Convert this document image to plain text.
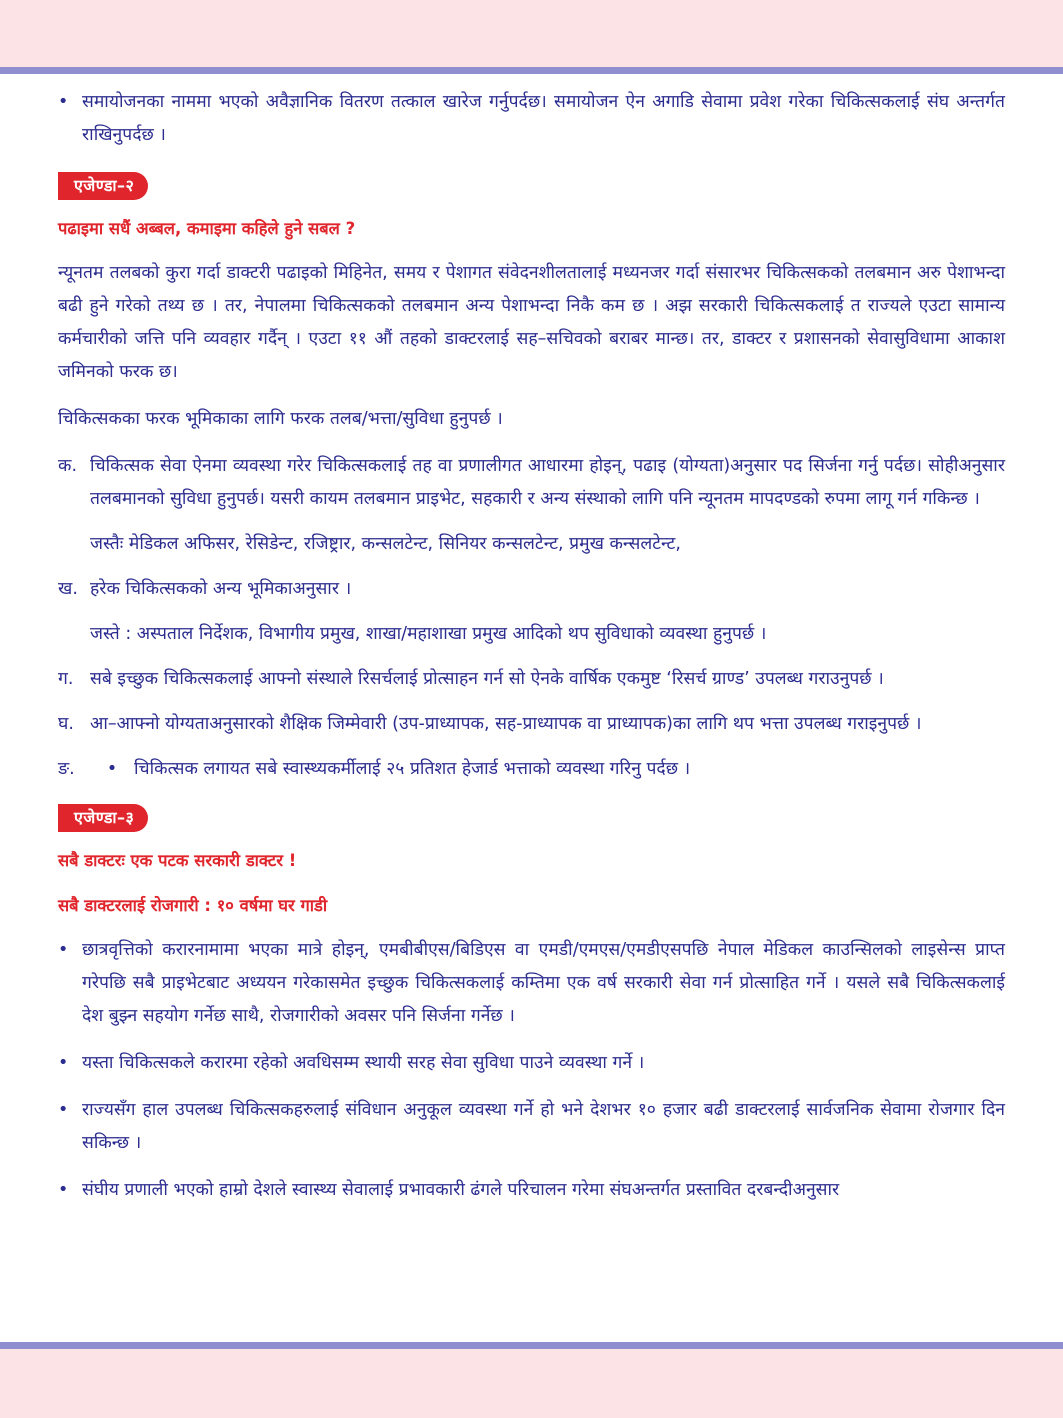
• समायोजनका नाममा भएको अवैज्ञानिक वितरण तत्काल खारेज गर्नुपर्दछ। समायोजन ऐन अगाडि सेवामा प्रवेश गरेका चिकित्सकलाई संघ अन्तर्गत राखिनुपर्दछ ।
एजेण्डा–२
पढाइमा सधैं अब्बल, कमाइमा कहिले हुने सबल ?

न्यूनतम तलबको कुरा गर्दा डाक्टरी पढाइको मिहिनेत, समय र पेशागत संवेदनशीलतालाई मध्यनजर गर्दा संसारभर चिकित्सकको तलबमान अरु पेशाभन्दा बढी हुने गरेको तथ्य छ । तर, नेपालमा चिकित्सकको तलबमान अन्य पेशाभन्दा निकै कम छ । अझ सरकारी चिकित्सकलाई त राज्यले एउटा सामान्य कर्मचारीको जत्ति पनि व्यवहार गर्दैन् । एउटा ११ औं तहको डाक्टरलाई सह–सचिवको बराबर मान्छ। तर, डाक्टर र प्रशासनको सेवासुविधामा आकाश जमिनको फरक छ।

चिकित्सकका फरक भूमिकाका लागि फरक तलब/भत्ता/सुविधा हुनुपर्छ ।

क. चिकित्सक सेवा ऐनमा व्यवस्था गरेर चिकित्सकलाई तह वा प्रणालीगत आधारमा होइन्, पढाइ (योग्यता)अनुसार पद सिर्जना गर्नु पर्दछ। सोहीअनुसार तलबमानको सुविधा हुनुपर्छ। यसरी कायम तलबमान प्राइभेट, सहकारी र अन्य संस्थाको लागि पनि न्यूनतम मापदण्डको रुपमा लागू गर्न गकिन्छ ।
जस्तैः मेडिकल अफिसर, रेसिडेन्ट, रजिष्ट्रार, कन्सलटेन्ट, सिनियर कन्सलटेन्ट, प्रमुख कन्सलटेन्ट,
ख. हरेक चिकित्सकको अन्य भूमिकाअनुसार ।
जस्ते : अस्पताल निर्देशक, विभागीय प्रमुख, शाखा/महाशाखा प्रमुख आदिको थप सुविधाको व्यवस्था हुनुपर्छ ।
ग. सबे इच्छुक चिकित्सकलाई आफ्नो संस्थाले रिसर्चलाई प्रोत्साहन गर्न सो ऐनके वार्षिक एकमुष्ट ‘रिसर्च ग्राण्ड’ उपलब्ध गराउनुपर्छ ।
घ. आ–आफ्नो योग्यताअनुसारको शैक्षिक जिम्मेवारी (उप-प्राध्यापक, सह-प्राध्यापक वा प्राध्यापक)का लागि थप भत्ता उपलब्ध गराइनुपर्छ ।
ङ. • चिकित्सक लगायत सबे स्वास्थ्यकर्मीलाई २५ प्रतिशत हेजार्ड भत्ताको व्यवस्था गरिनु पर्दछ ।
एजेण्डा–३
सबै डाक्टरः एक पटक सरकारी डाक्टर !
सबै डाक्टरलाई रोजगारी : १० वर्षमा घर गाडी
• छात्रवृत्तिको करारनामामा भएका मात्रे होइन्, एमबीबीएस/बिडिएस वा एमडी/एमएस/एमडीएसपछि नेपाल मेडिकल काउन्सिलको लाइसेन्स प्राप्त गरेपछि सबै प्राइभेटबाट अध्ययन गरेकासमेत इच्छुक चिकित्सकलाई कम्तिमा एक वर्ष सरकारी सेवा गर्न प्रोत्साहित गर्ने । यसले सबै चिकित्सकलाई देश बुझ्न सहयोग गर्नेछ साथै, रोजगारीको अवसर पनि सिर्जना गर्नेछ ।
• यस्ता चिकित्सकले करारमा रहेको अवधिसम्म स्थायी सरह सेवा सुविधा पाउने व्यवस्था गर्ने ।
• राज्यसँग हाल उपलब्ध चिकित्सकहरुलाई संविधान अनुकूल व्यवस्था गर्ने हो भने देशभर १० हजार बढी डाक्टरलाई सार्वजनिक सेवामा रोजगार दिन सकिन्छ ।
• संघीय प्रणाली भएको हाम्रो देशले स्वास्थ्य सेवालाई प्रभावकारी ढंगले परिचालन गरेमा संघअन्तर्गत प्रस्तावित दरबन्दीअनुसार
